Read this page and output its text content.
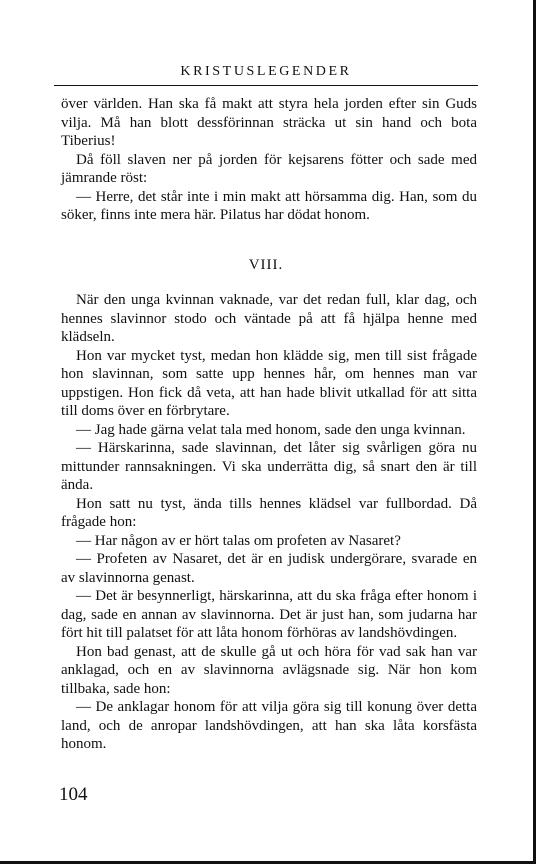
KRISTUSLEGENDER

över världen. Han ska få makt att styra hela jorden efter sin Guds vilja. Må han blott dessförinnan sträcka ut sin hand och bota Tiberius!

Då föll slaven ner på jorden för kejsarens fötter och sade med jämrande röst:

— Herre, det står inte i min makt att hörsamma dig. Han, som du söker, finns inte mera här. Pilatus har dödat honom.

VIII.

När den unga kvinnan vaknade, var det redan full, klar dag, och hennes slavinnor stodo och väntade på att få hjälpa henne med klädseln.

Hon var mycket tyst, medan hon klädde sig, men till sist frågade hon slavinnan, som satte upp hennes hår, om hennes man var uppstigen. Hon fick då veta, att han hade blivit utkallad för att sitta till doms över en förbrytare.

— Jag hade gärna velat tala med honom, sade den unga kvinnan.

— Härskarinna, sade slavinnan, det låter sig svårligen göra nu mittunder rannsakningen. Vi ska underrätta dig, så snart den är till ända.

Hon satt nu tyst, ända tills hennes klädsel var fullbordad. Då frågade hon:

— Har någon av er hört talas om profeten av Nasaret?

— Profeten av Nasaret, det är en judisk undergörare, svarade en av slavinnorna genast.

— Det är besynnerligt, härskarinna, att du ska fråga efter honom i dag, sade en annan av slavinnorna. Det är just han, som judarna har fört hit till palatset för att låta honom förhöras av landshövdingen.

Hon bad genast, att de skulle gå ut och höra för vad sak han var anklagad, och en av slavinnorna avlägsnade sig. När hon kom tillbaka, sade hon:

— De anklagar honom för att vilja göra sig till konung över detta land, och de anropar landshövdingen, att han ska låta korsfästa honom.

104
